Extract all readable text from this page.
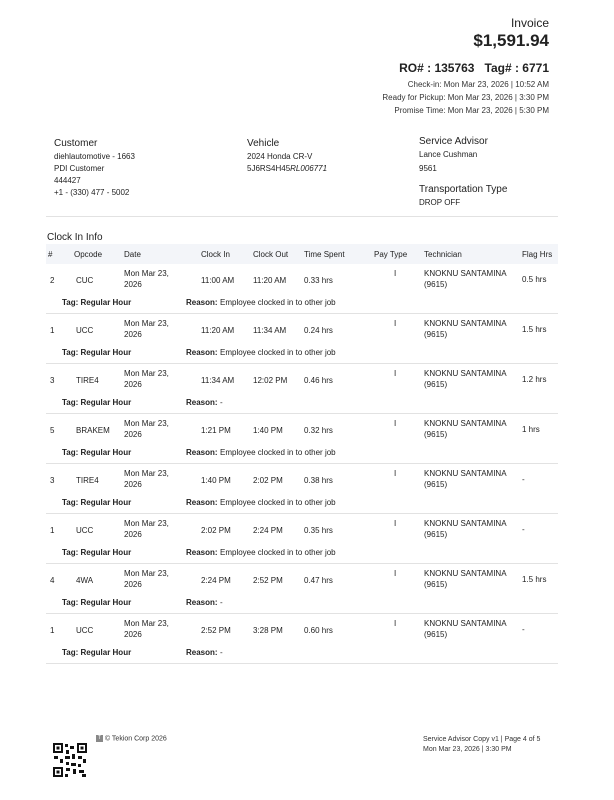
Invoice
$1,591.94
RO# : 135763 Tag# : 6771
Check-in: Mon Mar 23, 2026 | 10:52 AM
Ready for Pickup: Mon Mar 23, 2026 | 3:30 PM
Promise Time: Mon Mar 23, 2026 | 5:30 PM
Customer
diehlautomotive - 1663
PDI Customer
444427
+1 - (330) 477 - 5002
Vehicle
2024 Honda CR-V
5J6RS4H45RL006771
Service Advisor
Lance Cushman
9561
Transportation Type
DROP OFF
Clock In Info
#	Opcode	Date	Clock In	Clock Out Time Spent	Pay Type Technician	Flag Hrs
2	CUC
Mon Mar 23,
2026	11:00 AM 11:20 AM 0.33 hrs
I	KNOKNU SANTAMINA
(9615)
0.5 hrs
Tag: Regular Hour	Reason: Employee clocked in to other job
1	UCC
Mon Mar 23,
2026	11:20 AM 11:34 AM 0.24 hrs
I	KNOKNU SANTAMINA
(9615)
1.5 hrs
Tag: Regular Hour	Reason: Employee clocked in to other job
3	TIRE4
Mon Mar 23,
2026	11:34 AM 12:02 PM 0.46 hrs
I	KNOKNU SANTAMINA
(9615)
1.2 hrs
Tag: Regular Hour	Reason: -
5	BRAKEM
Mon Mar 23,
2026	1:21 PM	1:40 PM	0.32 hrs
I	KNOKNU SANTAMINA
(9615)
1 hrs
Tag: Regular Hour	Reason: Employee clocked in to other job
3	TIRE4
Mon Mar 23,
2026	1:40 PM	2:02 PM	0.38 hrs
I	KNOKNU SANTAMINA
(9615)
-
Tag: Regular Hour	Reason: Employee clocked in to other job
1	UCC
Mon Mar 23,
2026	2:02 PM	2:24 PM	0.35 hrs
I	KNOKNU SANTAMINA
(9615)
-
Tag: Regular Hour	Reason: Employee clocked in to other job
4	4WA
Mon Mar 23,
2026	2:24 PM	2:52 PM	0.47 hrs
I	KNOKNU SANTAMINA
(9615)
1.5 hrs
Tag: Regular Hour	Reason: -
1	UCC
Mon Mar 23,
2026	2:52 PM	3:28 PM	0.60 hrs
I	KNOKNU SANTAMINA
(9615)
-
Tag: Regular Hour	Reason: -
T © Tekion Corp 2026	Service Advisor Copy v1 | Page 4 of 5
Mon Mar 23, 2026 | 3:30 PM
